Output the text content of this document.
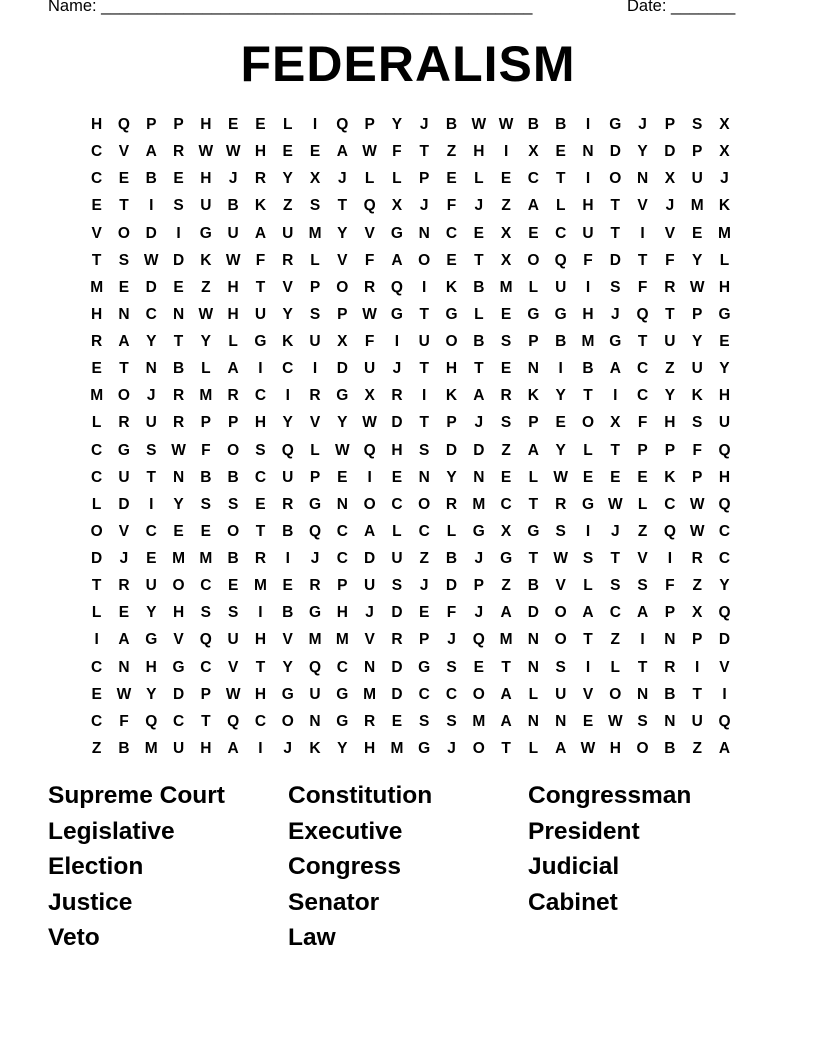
Name: _______________________________________________	Date: _______
FEDERALISM
H	Q	P	P	H	E	E	L	I	Q	P	Y	J	B W W B	B	I	G	J	P	S	X
C	V	A	R W W H	E	E	A W F	T	Z	H	I	X	E	N	D	Y	D	P	X
C	E	B	E	H	J	R	Y	X	J	L	L	P	E	L	E	C	T	I	O	N	X	U	J
E	T	I	S	U	B	K	Z	S	T	Q	X	J	F	J	Z	A	L	H	T	V	J	M K
V	O	D	I	G	U	A	U M	Y	V	G	N	C	E	X	E	C	U	T	I	V	E	M
T	S W D	K W F	R	L	V	F	A	O	E	T	X	O Q	F	D	T	F	Y	L
M	E	D	E	Z	H	T	V	P	O	R	Q	I	K	B M	L	U	I	S	F	R W H
H	N	C	N W H	U	Y	S	P W G	T	G	L	E	G G	H	J	Q	T	P	G
R	A	Y	T	Y	L	G	K	U	X	F	I	U	O	B	S	P	B M G	T	U	Y	E
E	T	N	B	L	A	I	C	I	D	U	J	T	H	T	E	N	I	B	A	C	Z	U	Y
M O	J	R M R	C	I	R	G	X	R	I	K	A	R	K	Y	T	I	C	Y	K	H
L	R	U	R	P	P	H	Y	V	Y W D	T	P	J	S	P	E	O	X	F	H	S	U
C	G	S W F	O	S	Q	L W Q	H	S	D	D	Z	A	Y	L	T	P	P	F	Q
C	U	T	N	B	B	C	U	P	E	I	E	N	Y	N	E	L W E	E	E	K	P	H
L	D	I	Y	S	S	E	R	G	N	O	C	O	R M C	T	R	G W L	C W Q
O	V	C	E	E	O	T	B	Q	C	A	L	C	L	G	X	G	S	I	J	Z	Q W C
D	J	E	M M B	R	I	J	C	D	U	Z	B	J	G	T W S	T	V	I	R	C
T	R	U	O	C	E	M	E	R	P	U	S	J	D	P	Z	B	V	L	S	S	F	Z	Y
L	E	Y	H	S	S	I	B	G	H	J	D	E	F	J	A	D	O	A	C	A	P	X	Q
I	A	G	V	Q	U	H	V	M M	V	R	P	J	Q M N	O	T	Z	I	N	P	D
C	N	H	G	C	V	T	Y	Q	C	N	D	G	S	E	T	N	S	I	L	T	R	I	V
E W Y	D	P W H	G	U	G M D	C	C	O	A	L	U	V	O	N	B	T	I
C	F	Q	C	T	Q	C	O	N	G	R	E	S	S	M A	N	N	E W S	N	U	Q
Z	B M U	H	A	I	J	K	Y	H M G	J	O	T	L	A W H	O	B	Z	A
Supreme Court	Constitution	Congressman
Legislative	Executive	President
Election	Congress	Judicial
Justice	Senator	Cabinet
Veto	Law
